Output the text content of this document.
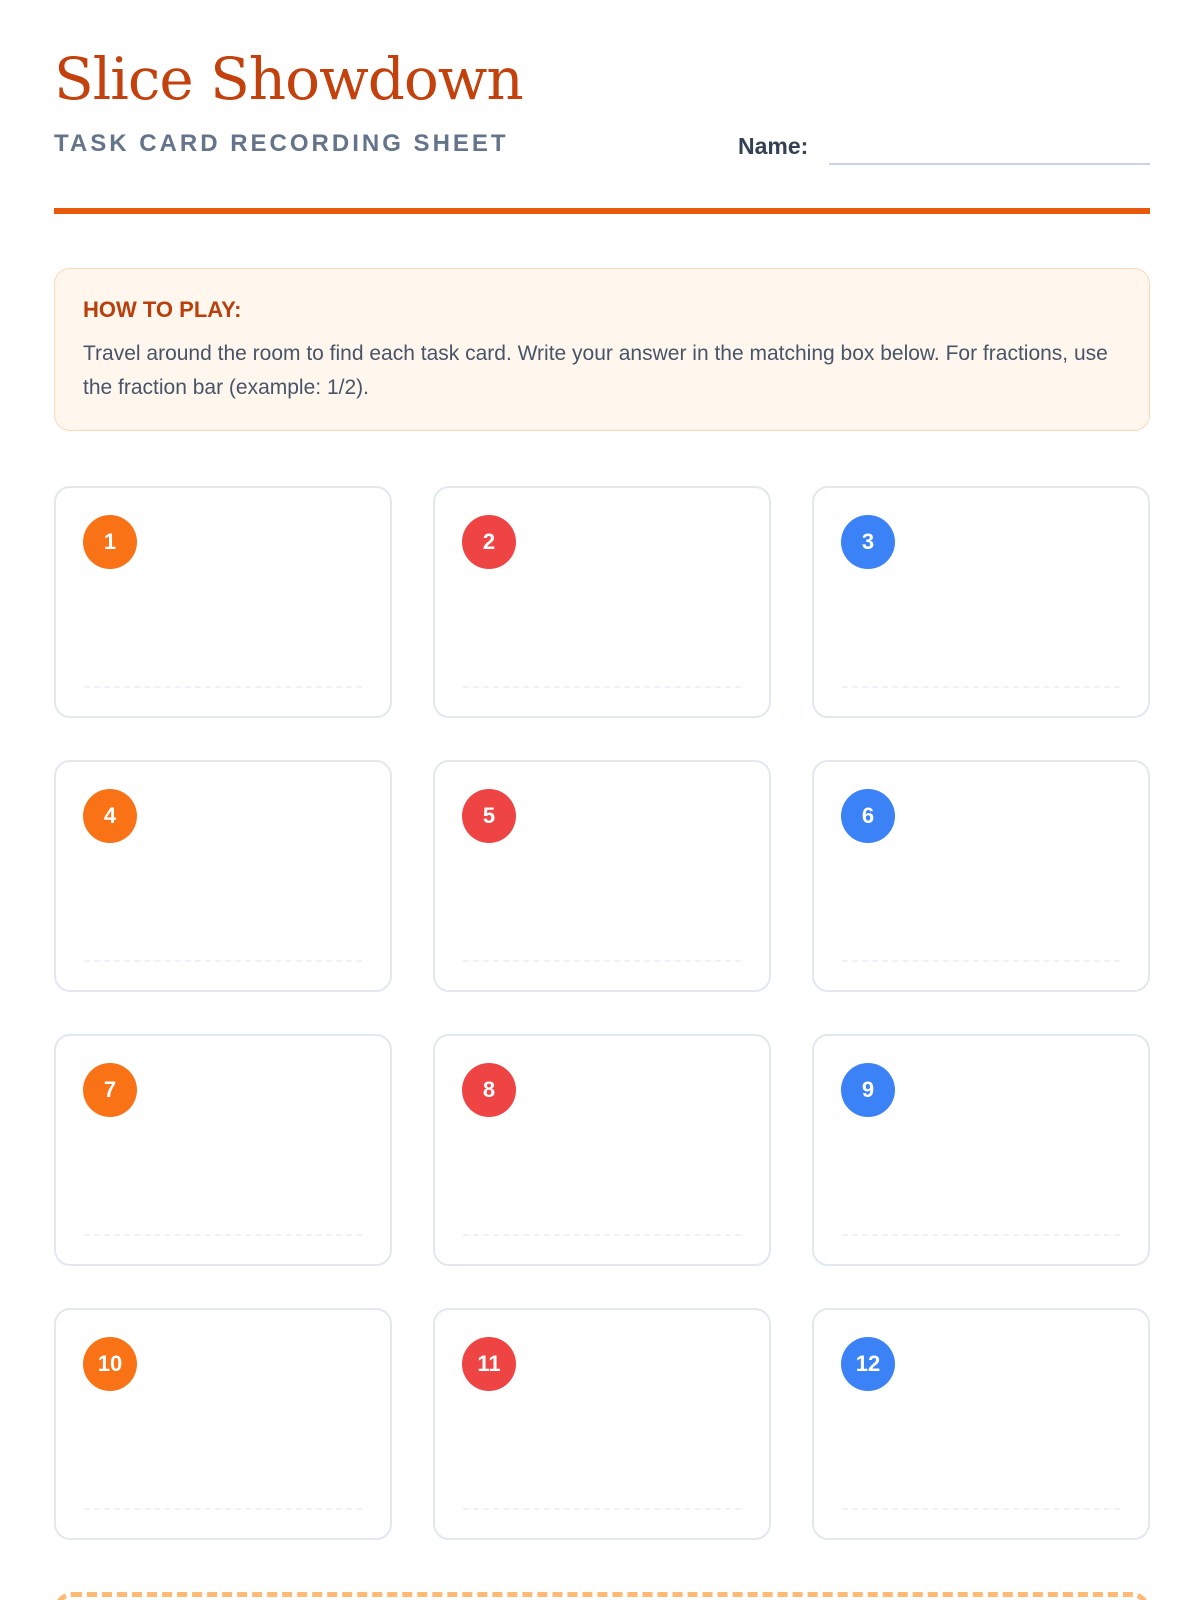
Slice Showdown
TASK CARD RECORDING SHEET	Name:
HOW TO PLAY:
Travel around the room to find each task card. Write your answer in the matching box below. For fractions, use the fraction bar (example: 1/2).
1	2	3
4	5	6
7	8	9
10	11	12
